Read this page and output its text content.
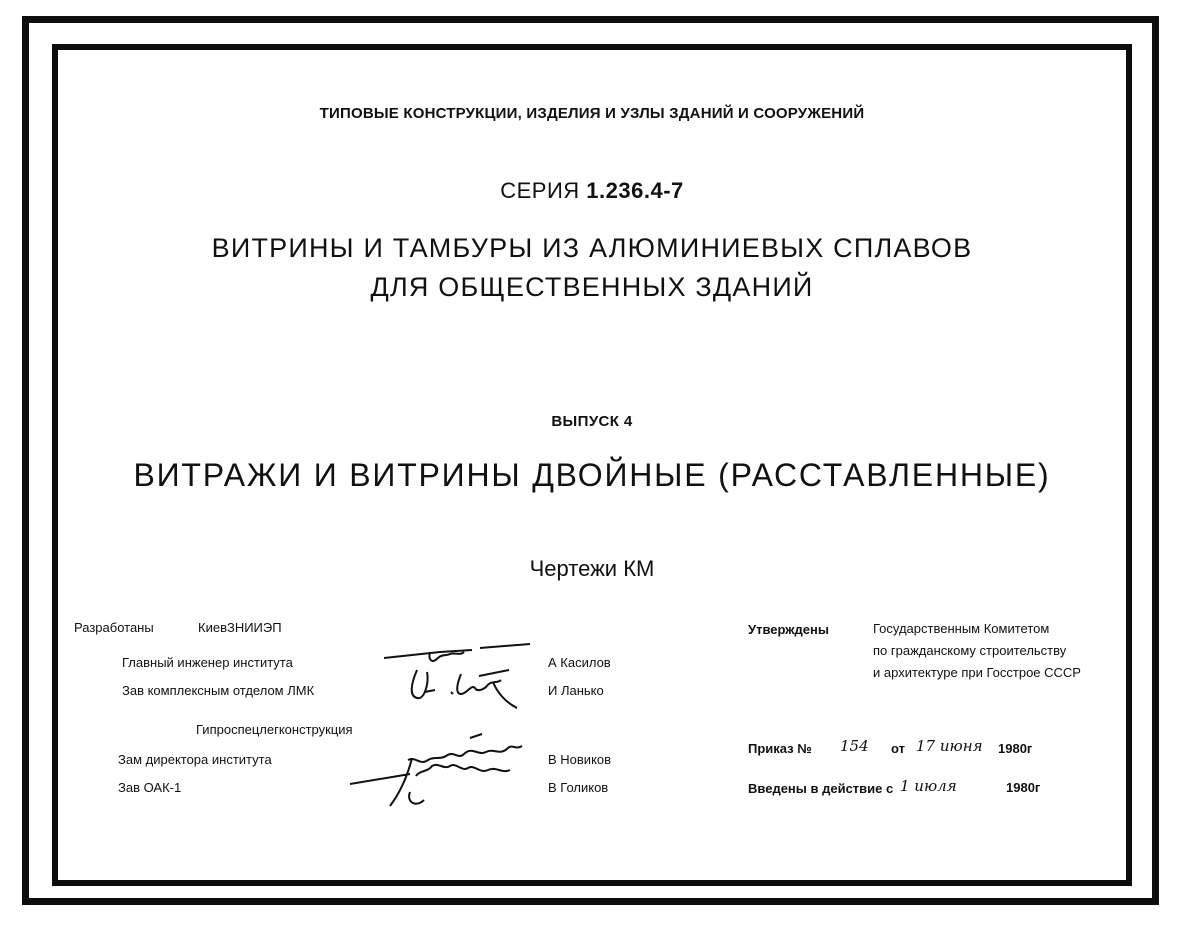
ТИПОВЫЕ КОНСТРУКЦИИ, ИЗДЕЛИЯ И УЗЛЫ ЗДАНИЙ И СООРУЖЕНИЙ
СЕРИЯ 1.236.4-7
ВИТРИНЫ И ТАМБУРЫ ИЗ АЛЮМИНИЕВЫХ СПЛАВОВ
ДЛЯ ОБЩЕСТВЕННЫХ ЗДАНИЙ
ВЫПУСК 4
ВИТРАЖИ И ВИТРИНЫ ДВОЙНЫЕ (РАССТАВЛЕННЫЕ)
Чертежи КМ
Разработаны	КиевЗНИИЭП
Главный инженер института	А Касилов
Зав комплексным отделом ЛМК	И Ланько
Гипроспецлегконструкция
Зам директора института	В Новиков
Зав ОАК-1	В Голиков
Утверждены	Государственным Комитетом
по гражданскому строительству
и архитектуре при Госстрое СССР
Приказ № 154 от 17 июня 1980г
Введены в действие с 1 июля	1980г
